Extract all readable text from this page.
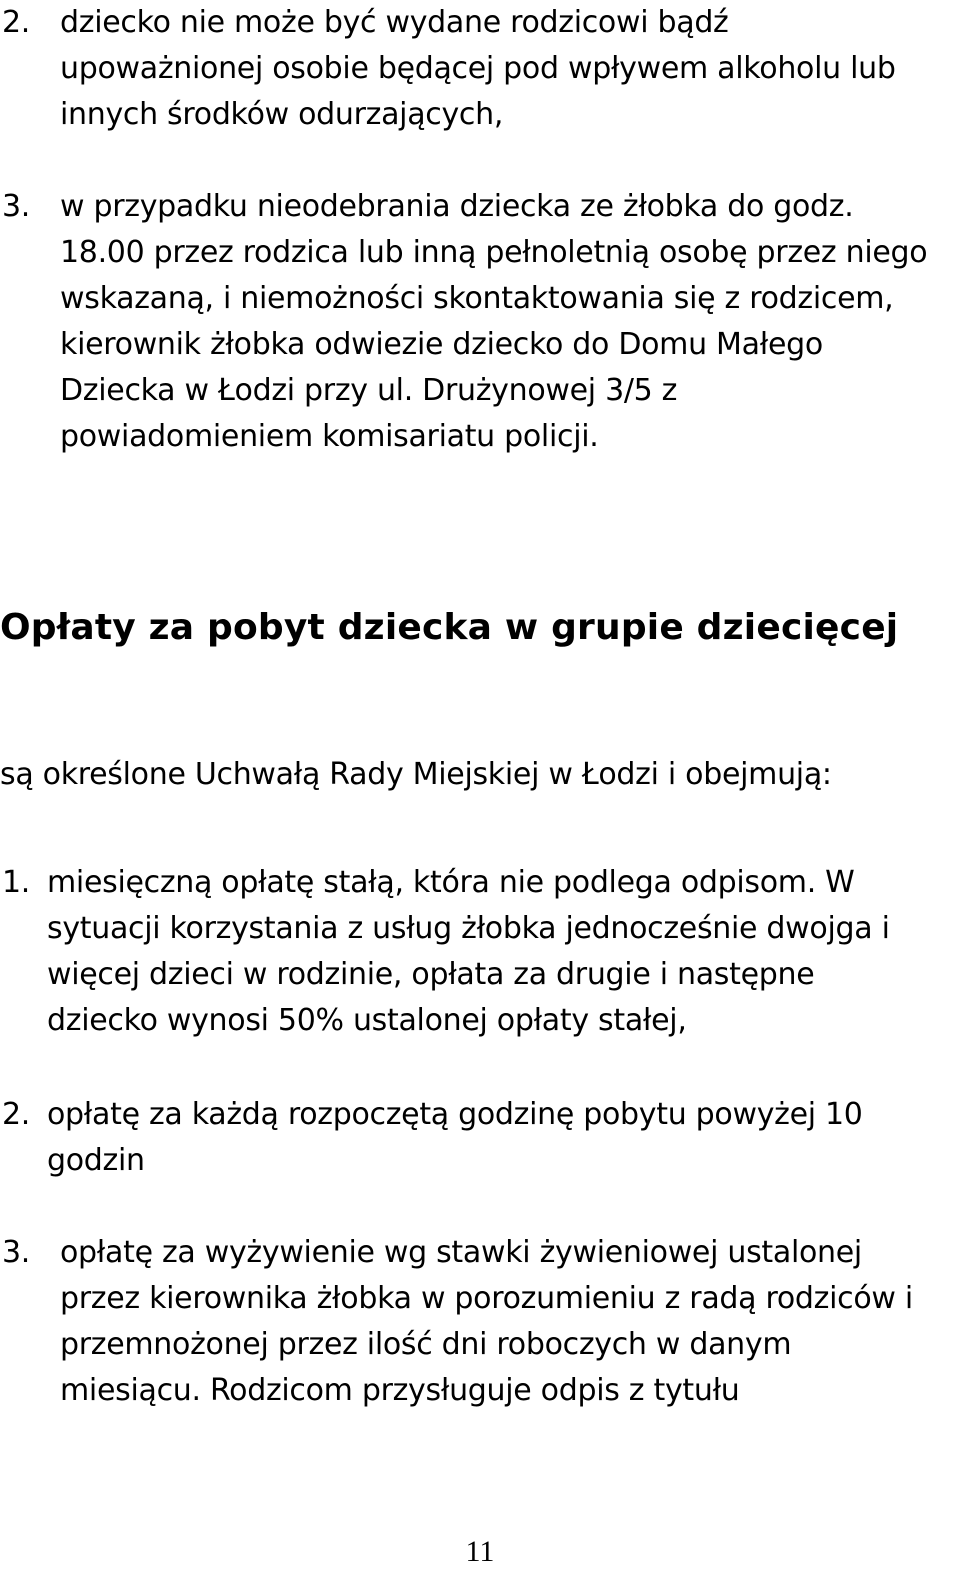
2. dziecko nie może być wydane rodzicowi bądź
upoważnionej osobie będącej pod wpływem alkoholu lub
innych środków odurzających,
3. w przypadku nieodebrania dziecka ze żłobka do godz.
18.00 przez rodzica lub inną pełnoletnią osobę przez niego
wskazaną, i niemożności skontaktowania się z rodzicem,
kierownik żłobka odwiezie dziecko do Domu Małego
Dziecka w Łodzi przy ul. Drużynowej 3/5 z
powiadomieniem komisariatu policji.
Opłaty za pobyt dziecka w grupie dziecięcej
są określone Uchwałą Rady Miejskiej w Łodzi i obejmują:
1. miesięczną opłatę stałą, która nie podlega odpisom. W
sytuacji korzystania z usług żłobka jednocześnie dwojga i
więcej dzieci w rodzinie, opłata za drugie i następne
dziecko wynosi 50% ustalonej opłaty stałej,
2. opłatę za każdą rozpoczętą godzinę pobytu powyżej 10
godzin
3. opłatę za wyżywienie wg stawki żywieniowej ustalonej
przez kierownika żłobka w porozumieniu z radą rodziców i
przemnożonej przez ilość dni roboczych w danym
miesiącu. Rodzicom przysługuje odpis z tytułu
11
